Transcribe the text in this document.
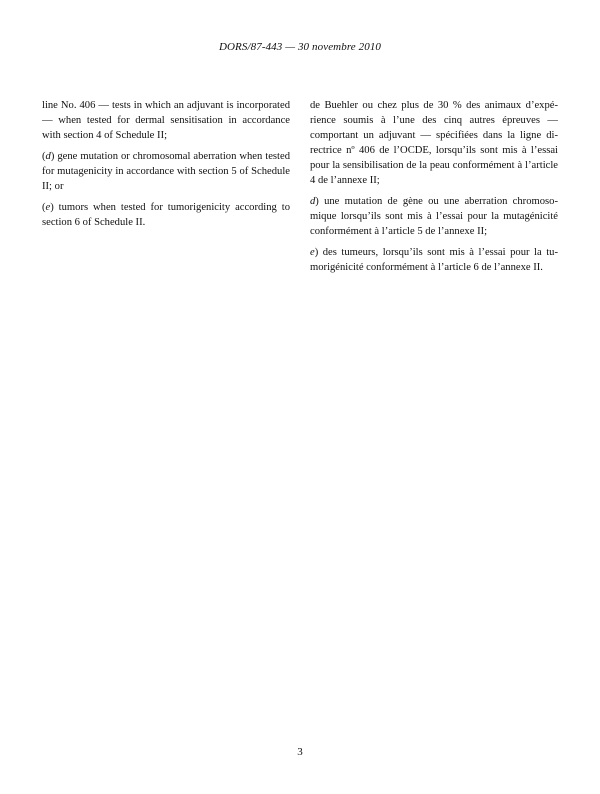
DORS/87-443 — 30 novembre 2010

line No. 406 — tests in which an adjuvant is incorporated — when tested for dermal sensitisation in accordance with section 4 of Schedule II;

(d) gene mutation or chromosomal aberration when tested for mutagenicity in accordance with section 5 of Schedule II; or

(e) tumors when tested for tumorigenicity according to section 6 of Schedule II.

de Buehler ou chez plus de 30 % des animaux d’expérience soumis à l’une des cinq autres épreuves — comportant un adjuvant — spécifiées dans la ligne directrice nº 406 de l’OCDE, lorsqu’ils sont mis à l’essai pour la sensibilisation de la peau conformément à l’article 4 de l’annexe II;

d) une mutation de gène ou une aberration chromosomique lorsqu’ils sont mis à l’essai pour la mutagénicité conformément à l’article 5 de l’annexe II;

e) des tumeurs, lorsqu’ils sont mis à l’essai pour la tumorigénicité conformément à l’article 6 de l’annexe II.

3
